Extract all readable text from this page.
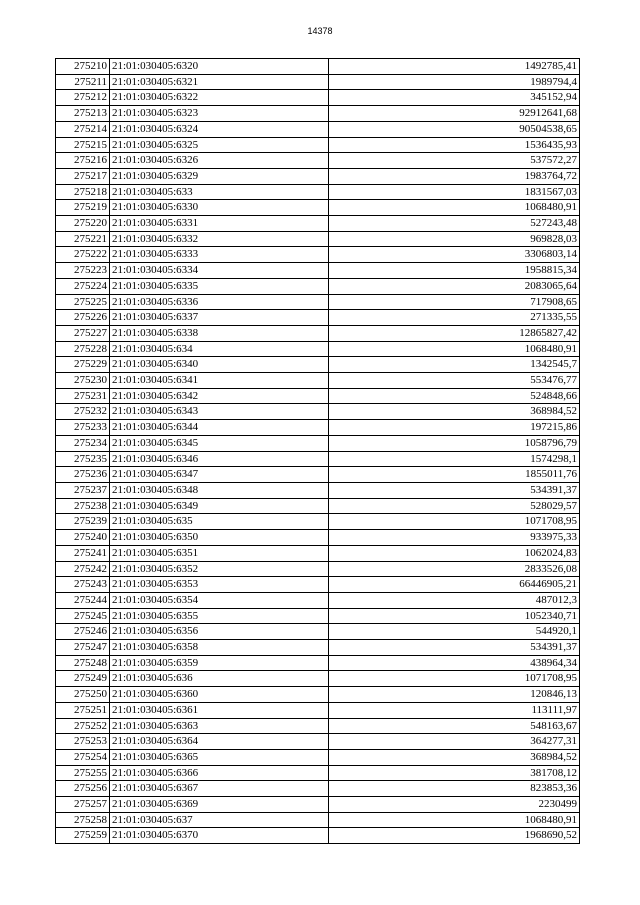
14378
275210	21:01:030405:6320	1492785,41
275211	21:01:030405:6321	1989794,4
275212	21:01:030405:6322	345152,94
275213	21:01:030405:6323	92912641,68
275214	21:01:030405:6324	90504538,65
275215	21:01:030405:6325	1536435,93
275216	21:01:030405:6326	537572,27
275217	21:01:030405:6329	1983764,72
275218	21:01:030405:633	1831567,03
275219	21:01:030405:6330	1068480,91
275220	21:01:030405:6331	527243,48
275221	21:01:030405:6332	969828,03
275222	21:01:030405:6333	3306803,14
275223	21:01:030405:6334	1958815,34
275224	21:01:030405:6335	2083065,64
275225	21:01:030405:6336	717908,65
275226	21:01:030405:6337	271335,55
275227	21:01:030405:6338	12865827,42
275228	21:01:030405:634	1068480,91
275229	21:01:030405:6340	1342545,7
275230	21:01:030405:6341	553476,77
275231	21:01:030405:6342	524848,66
275232	21:01:030405:6343	368984,52
275233	21:01:030405:6344	197215,86
275234	21:01:030405:6345	1058796,79
275235	21:01:030405:6346	1574298,1
275236	21:01:030405:6347	1855011,76
275237	21:01:030405:6348	534391,37
275238	21:01:030405:6349	528029,57
275239	21:01:030405:635	1071708,95
275240	21:01:030405:6350	933975,33
275241	21:01:030405:6351	1062024,83
275242	21:01:030405:6352	2833526,08
275243	21:01:030405:6353	66446905,21
275244	21:01:030405:6354	487012,3
275245	21:01:030405:6355	1052340,71
275246	21:01:030405:6356	544920,1
275247	21:01:030405:6358	534391,37
275248	21:01:030405:6359	438964,34
275249	21:01:030405:636	1071708,95
275250	21:01:030405:6360	120846,13
275251	21:01:030405:6361	113111,97
275252	21:01:030405:6363	548163,67
275253	21:01:030405:6364	364277,31
275254	21:01:030405:6365	368984,52
275255	21:01:030405:6366	381708,12
275256	21:01:030405:6367	823853,36
275257	21:01:030405:6369	2230499
275258	21:01:030405:637	1068480,91
275259	21:01:030405:6370	1968690,52
